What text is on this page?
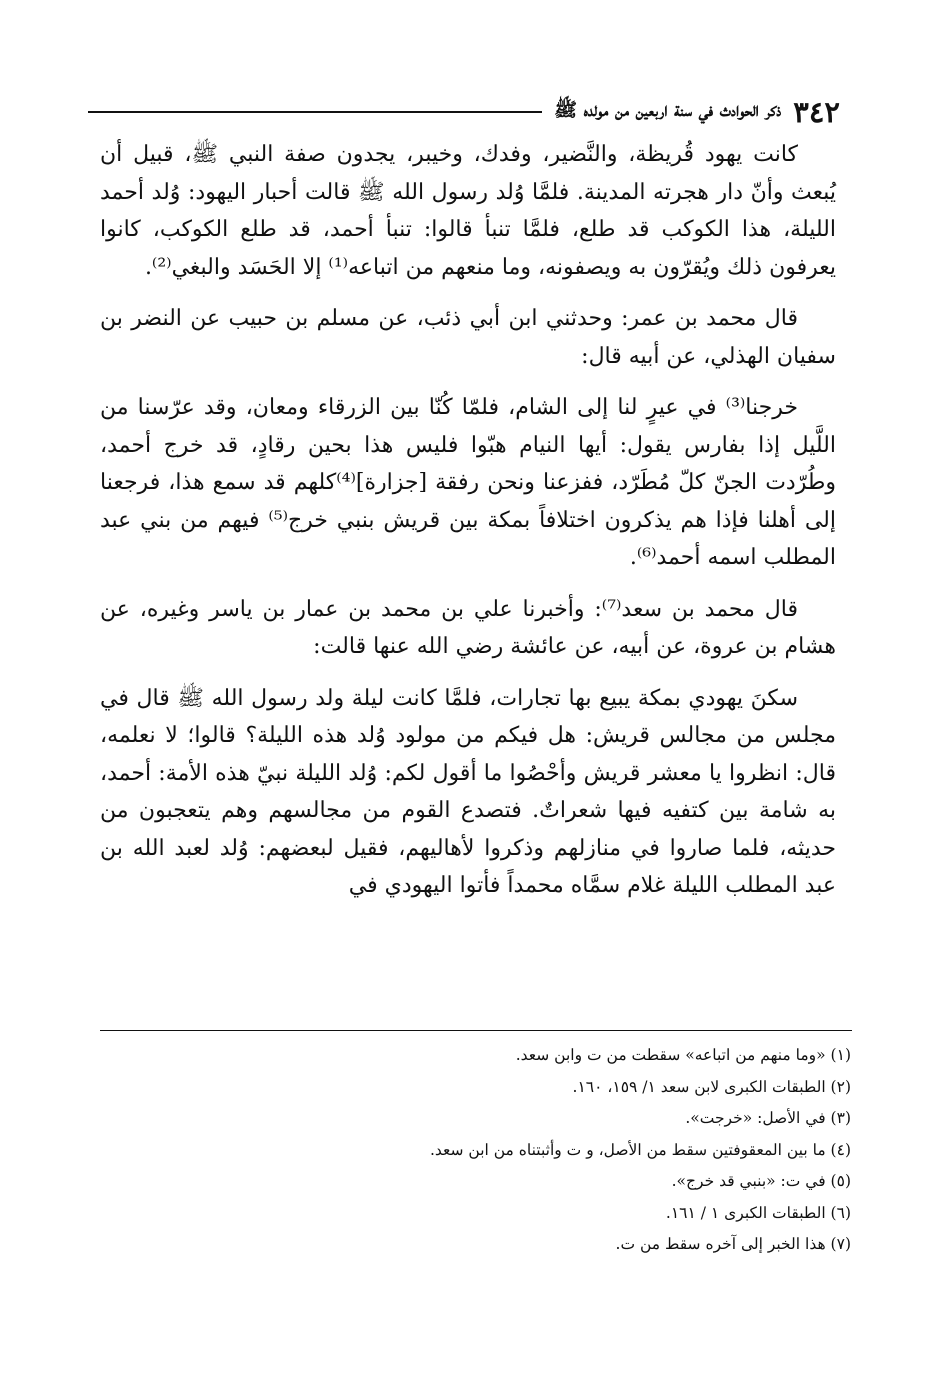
٣٤٢
ذكر الحوادث في سنة اربعين من مولده ﷺ

كانت يهود قُريظة، والنَّضير، وفدك، وخيبر، يجدون صفة النبي ﷺ، قبيل أن يُبعث وأنّ دار هجرته المدينة. فلمَّا وُلد رسول الله ﷺ قالت أحبار اليهود: وُلد أحمد الليلة، هذا الكوكب قد طلع، فلمَّا تنبأ قالوا: تنبأ أحمد، قد طلع الكوكب، كانوا يعرفون ذلك ويُقرّون به ويصفونه، وما منعهم من اتباعه⁽¹⁾ إلا الحَسَد والبغي⁽²⁾.

قال محمد بن عمر: وحدثني ابن أبي ذئب، عن مسلم بن حبيب عن النضر بن سفيان الهذلي، عن أبيه قال:

خرجنا⁽³⁾ في عيرٍ لنا إلى الشام، فلمّا كُنّا بين الزرقاء ومعان، وقد عرّسنا من اللَّيل إذا بفارس يقول: أيها النيام هبّوا فليس هذا بحين رقادٍ، قد خرج أحمد، وطُرّدت الجنّ كلّ مُطَرّد، ففزعنا ونحن رفقة [جزارة]⁽⁴⁾كلهم قد سمع هذا، فرجعنا إلى أهلنا فإذا هم يذكرون اختلافاً بمكة بين قريش بنبي خرج⁽⁵⁾ فيهم من بني عبد المطلب اسمه أحمد⁽⁶⁾.

قال محمد بن سعد⁽⁷⁾: وأخبرنا علي بن محمد بن عمار بن ياسر وغيره، عن هشام بن عروة، عن أبيه، عن عائشة رضي الله عنها قالت:

سكنَ يهودي بمكة يبيع بها تجارات، فلمَّا كانت ليلة ولد رسول الله ﷺ قال في مجلس من مجالس قريش: هل فيكم من مولود وُلد هذه الليلة؟ قالوا؛ لا نعلمه، قال: انظروا يا معشر قريش وأحْصُوا ما أقول لكم: وُلد الليلة نبيّ هذه الأمة: أحمد، به شامة بين كتفيه فيها شعراتٌ. فتصدع القوم من مجالسهم وهم يتعجبون من حديثه، فلما صاروا في منازلهم وذكروا لأهاليهم، فقيل لبعضهم: وُلد لعبد الله بن عبد المطلب الليلة غلام سمَّاه محمداً فأتوا اليهودي في

(١) «وما منهم من اتباعه» سقطت من ت وابن سعد.
(٢) الطبقات الكبرى لابن سعد ١/ ١٥٩، ١٦٠.
(٣) في الأصل: «خرجت».
(٤) ما بين المعقوفتين سقط من الأصل، و ت وأثبتناه من ابن سعد.
(٥) في ت: «بنبي قد خرج».
(٦) الطبقات الكبرى ١ / ١٦١.
(٧) هذا الخبر إلى آخره سقط من ت.
